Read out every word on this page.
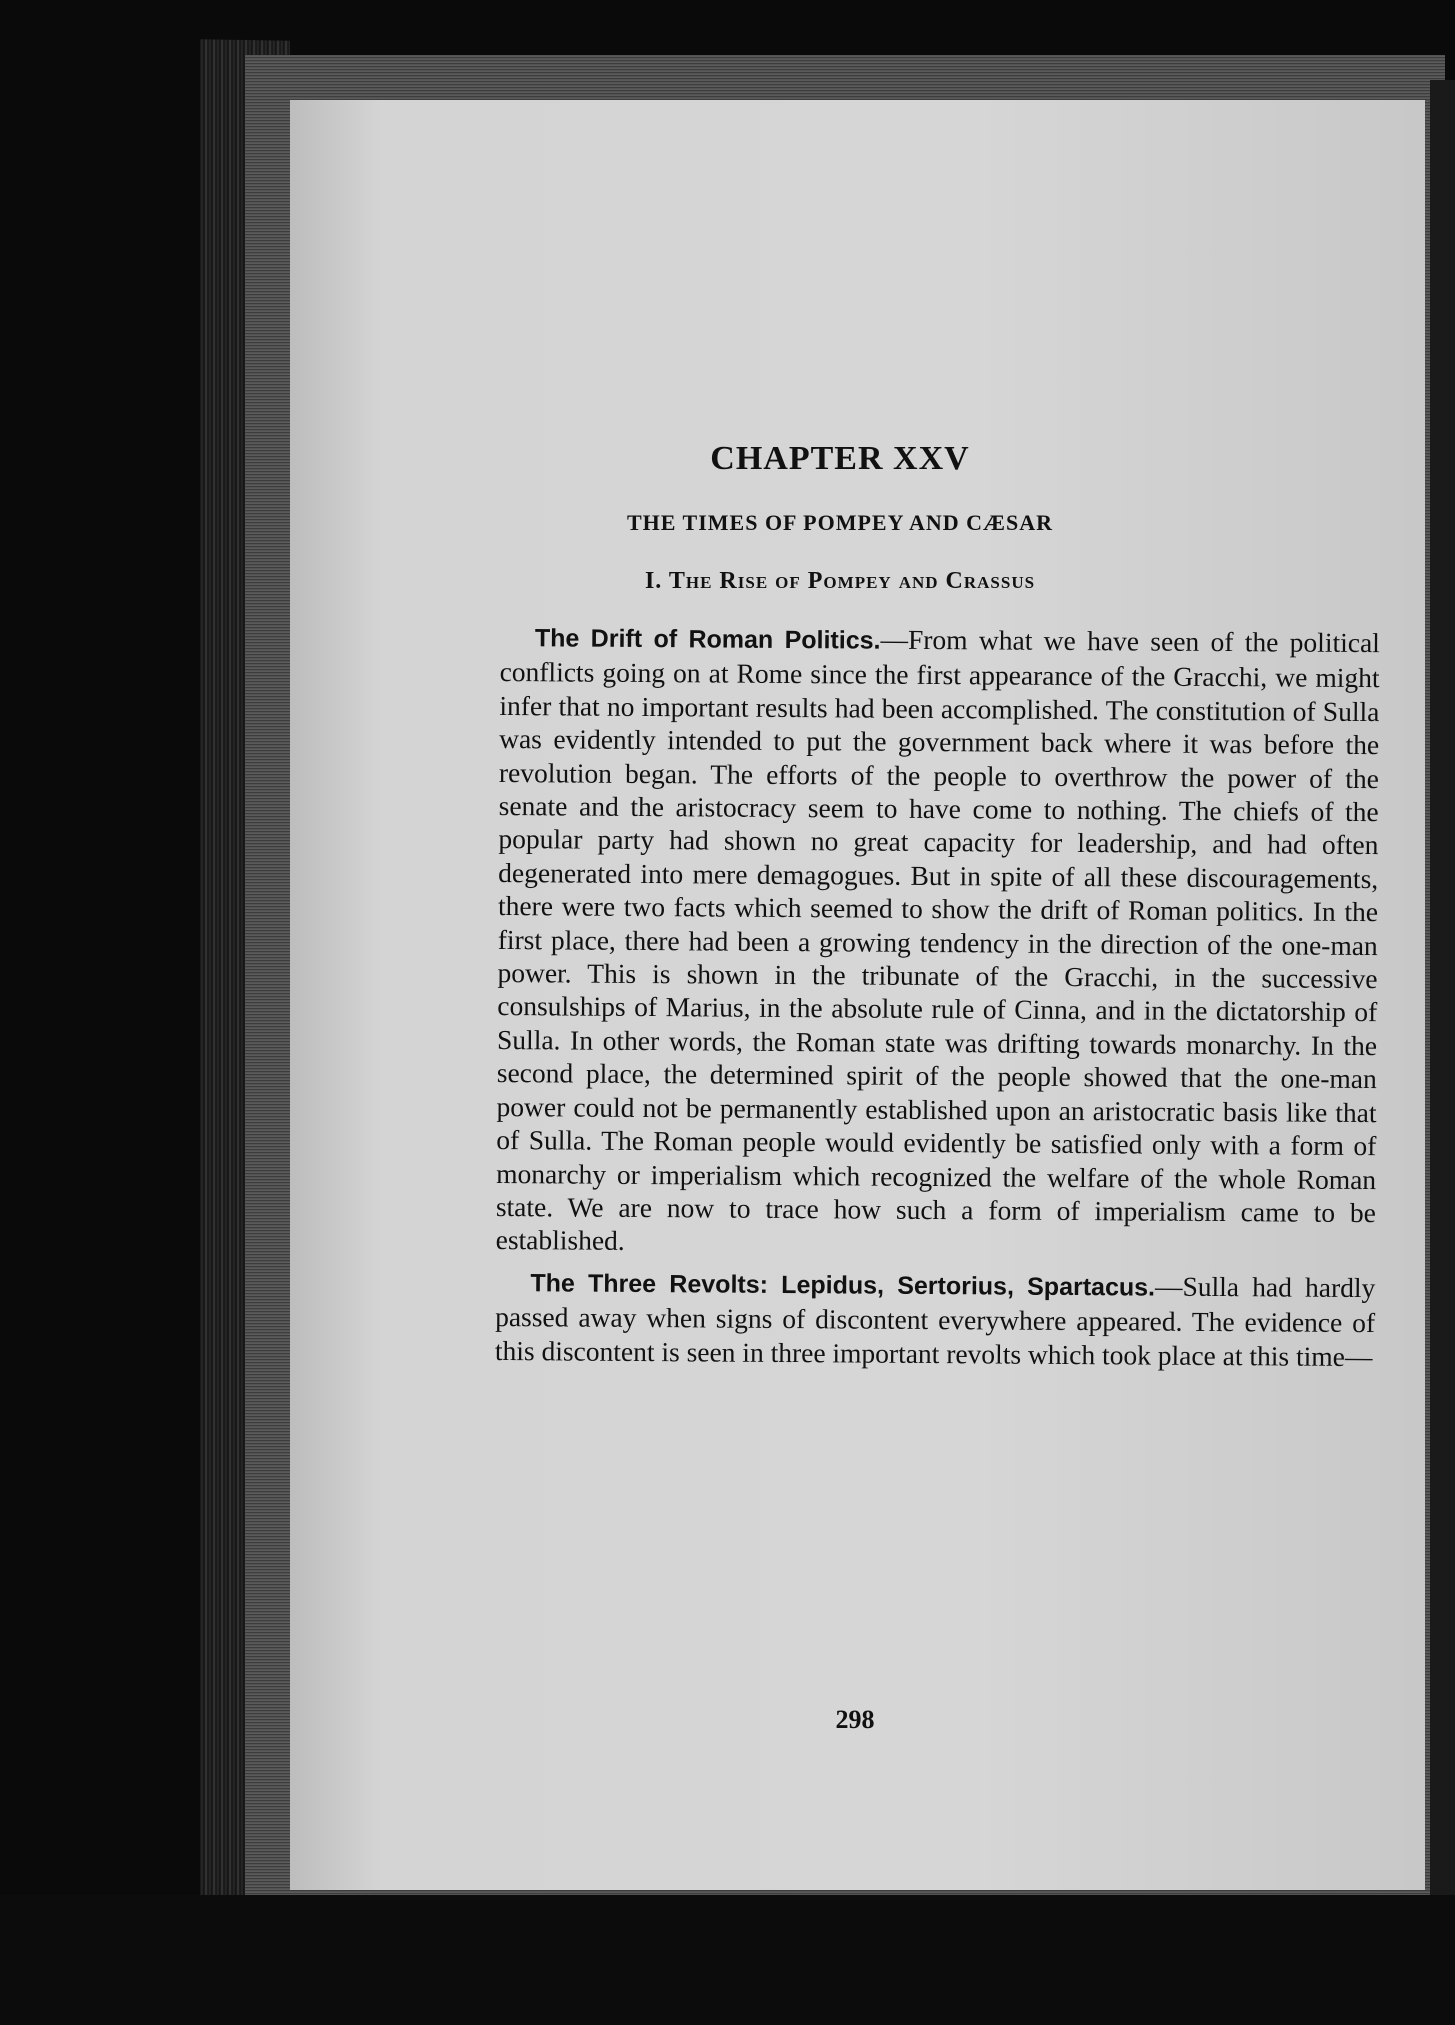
CHAPTER XXV
THE TIMES OF POMPEY AND CÆSAR
I. The Rise of Pompey and Crassus

The Drift of Roman Politics.—From what we have seen of the political conflicts going on at Rome since the first appearance of the Gracchi, we might infer that no important results had been accomplished. The constitution of Sulla was evidently intended to put the government back where it was before the revolution began. The efforts of the people to overthrow the power of the senate and the aristocracy seem to have come to nothing. The chiefs of the popular party had shown no great capacity for leadership, and had often degenerated into mere demagogues. But in spite of all these discouragements, there were two facts which seemed to show the drift of Roman politics. In the first place, there had been a growing tendency in the direction of the one-man power. This is shown in the tribunate of the Gracchi, in the successive consulships of Marius, in the absolute rule of Cinna, and in the dictatorship of Sulla. In other words, the Roman state was drifting towards monarchy. In the second place, the determined spirit of the people showed that the one-man power could not be permanently established upon an aristocratic basis like that of Sulla. The Roman people would evidently be satisfied only with a form of monarchy or imperialism which recognized the welfare of the whole Roman state. We are now to trace how such a form of imperialism came to be established.

The Three Revolts: Lepidus, Sertorius, Spartacus.—Sulla had hardly passed away when signs of discontent everywhere appeared. The evidence of this discontent is seen in three important revolts which took place at this time—

298
